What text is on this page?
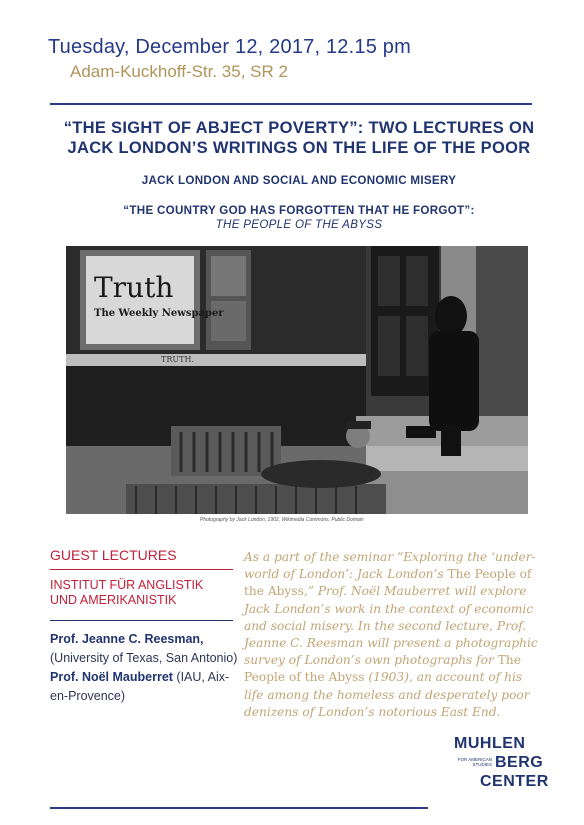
Tuesday, December 12, 2017, 12.15 pm
Adam-Kuckhoff-Str. 35, SR 2
“THE SIGHT OF ABJECT POVERTY”: TWO LECTURES ON
JACK LONDON’S WRITINGS ON THE LIFE OF THE POOR
JACK LONDON AND SOCIAL AND ECONOMIC MISERY
“THE COUNTRY GOD HAS FORGOTTEN THAT HE FORGOT”:
THE PEOPLE OF THE ABYSS
Truth
The Weekly Newspaper
TRUTH.
Photography by Jack London, 1902, Wikimedia Commons, Public Domain
GUEST LECTURES
INSTITUT FÜR ANGLISTIK
UND AMERIKANISTIK
Prof. Jeanne C. Reesman,
(University of Texas, San Antonio)
Prof. Noël Mauberret (IAU, Aix-en-Provence)
As a part of the seminar “Exploring the ‘under-world of London’: Jack London’s The People of the Abyss,” Prof. Noël Mauberret will explore Jack London’s work in the context of economic and social misery. In the second lecture, Prof. Jeanne C. Reesman will present a photographic survey of London’s own photographs for The People of the Abyss (1903), an account of his life among the homeless and desperately poor denizens of London’s notorious East End.
MUHLEN
BERG
CENTER
FOR AMERICAN
STUDIES
